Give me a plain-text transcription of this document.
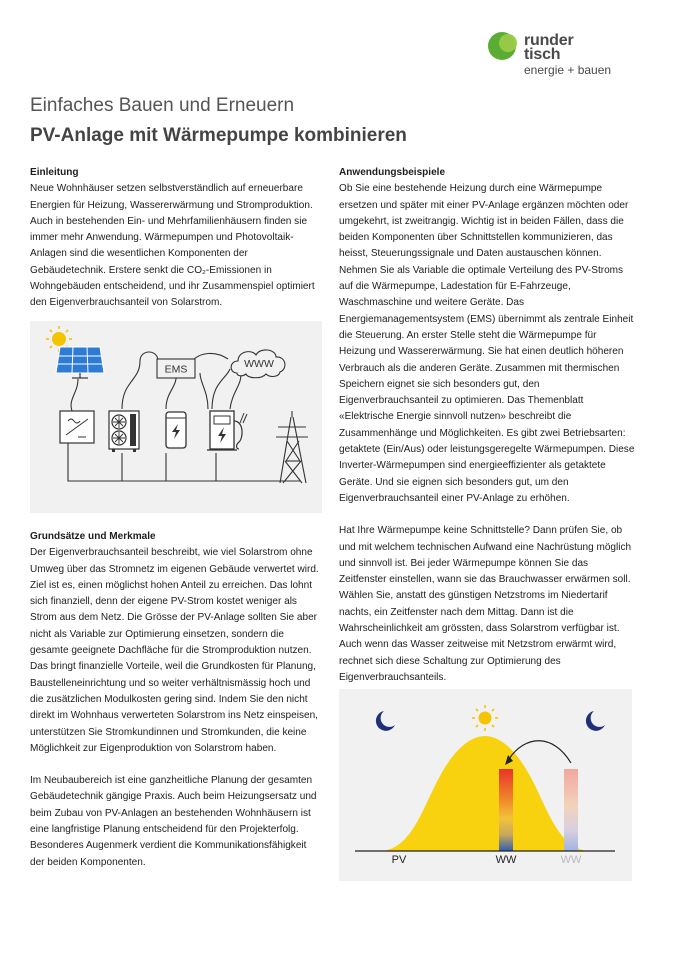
runder
tisch
energie + bauen
Einfaches Bauen und Erneuern
PV-Anlage mit Wärmepumpe kombinieren
Einleitung

Neue Wohnhäuser setzen selbstverständlich auf erneuerbare Energien für Heizung, Wassererwärmung und Stromproduktion. Auch in bestehenden Ein- und Mehrfamilienhäusern finden sie immer mehr Anwendung. Wärmepumpen und Photovoltaik-Anlagen sind die wesentlichen Komponenten der Gebäudetechnik. Erstere senkt die CO₂-Emissionen in Wohngebäuden entscheidend, und ihr Zusammenspiel optimiert den Eigenverbrauchsanteil von Solarstrom.

EMS	WWW
Grundsätze und Merkmale

Der Eigenverbrauchsanteil beschreibt, wie viel Solarstrom ohne Umweg über das Stromnetz im eigenen Gebäude verwertet wird. Ziel ist es, einen möglichst hohen Anteil zu erreichen. Das lohnt sich finanziell, denn der eigene PV-Strom kostet weniger als Strom aus dem Netz. Die Grösse der PV-Anlage sollten Sie aber nicht als Variable zur Optimierung einsetzen, sondern die gesamte geeignete Dachfläche für die Stromproduktion nutzen. Das bringt finanzielle Vorteile, weil die Grundkosten für Planung, Baustelleneinrichtung und so weiter verhältnismässig hoch und die zusätzlichen Modulkosten gering sind. Indem Sie den nicht direkt im Wohnhaus verwerteten Solarstrom ins Netz einspeisen, unterstützen Sie Stromkundinnen und Stromkunden, die keine Möglichkeit zur Eigenproduktion von Solarstrom haben.

Im Neubaubereich ist eine ganzheitliche Planung der gesamten Gebäudetechnik gängige Praxis. Auch beim Heizungsersatz und beim Zubau von PV-Anlagen an bestehenden Wohnhäusern ist eine langfristige Planung entscheidend für den Projekterfolg. Besonderes Augenmerk verdient die Kommunikationsfähigkeit der beiden Komponenten.

Anwendungsbeispiele

Ob Sie eine bestehende Heizung durch eine Wärmepumpe ersetzen und später mit einer PV-Anlage ergänzen möchten oder umgekehrt, ist zweitrangig. Wichtig ist in beiden Fällen, dass die beiden Komponenten über Schnittstellen kommunizieren, das heisst, Steuerungssignale und Daten austauschen können. Nehmen Sie als Variable die optimale Verteilung des PV-Stroms auf die Wärmepumpe, Ladestation für E-Fahrzeuge, Waschmaschine und weitere Geräte. Das Energiemanagementsystem (EMS) übernimmt als zentrale Einheit die Steuerung. An erster Stelle steht die Wärmepumpe für Heizung und Wassererwärmung. Sie hat einen deutlich höheren Verbrauch als die anderen Geräte. Zusammen mit thermischen Speichern eignet sie sich besonders gut, den Eigenverbrauchsanteil zu optimieren. Das Themenblatt «Elektrische Energie sinnvoll nutzen» beschreibt die Zusammenhänge und Möglichkeiten. Es gibt zwei Betriebsarten: getaktete (Ein/Aus) oder leistungsgeregelte Wärmepumpen. Diese Inverter-Wärmepumpen sind energieeffizienter als getaktete Geräte. Und sie eignen sich besonders gut, um den Eigenverbrauchsanteil einer PV-Anlage zu erhöhen.

Hat Ihre Wärmepumpe keine Schnittstelle? Dann prüfen Sie, ob und mit welchem technischen Aufwand eine Nachrüstung möglich und sinnvoll ist. Bei jeder Wärmepumpe können Sie das Zeitfenster einstellen, wann sie das Brauchwasser erwärmen soll. Wählen Sie, anstatt des günstigen Netzstroms im Niedertarif nachts, ein Zeitfenster nach dem Mittag. Dann ist die Wahrscheinlichkeit am grössten, dass Solarstrom verfügbar ist. Auch wenn das Wasser zeitweise mit Netzstrom erwärmt wird, rechnet sich diese Schaltung zur Optimierung des Eigenverbrauchsanteils.

PV	WW	WW
